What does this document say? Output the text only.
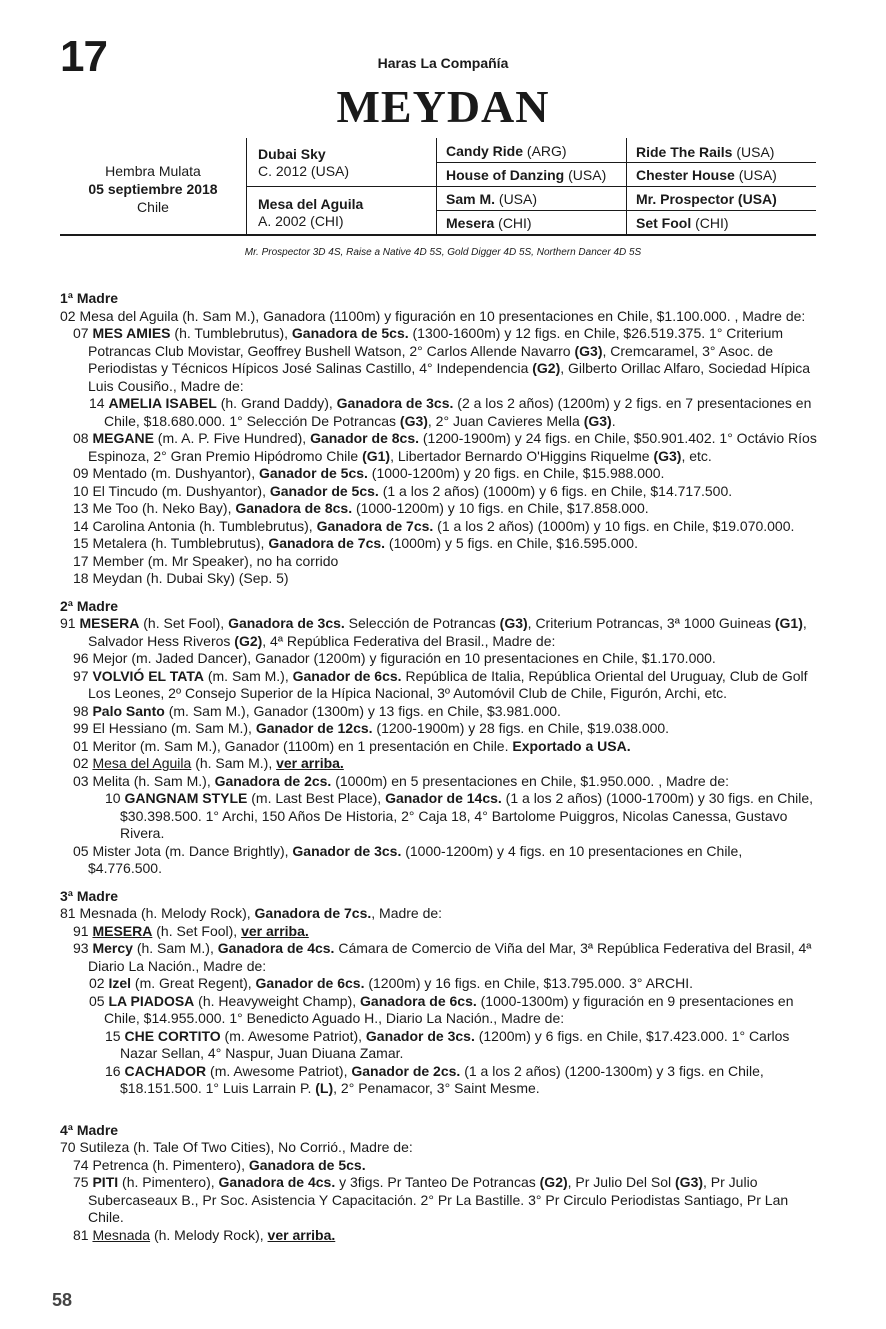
17	Haras La Compañía
MEYDAN
Hembra Mulata
05 septiembre 2018
Chile
Dubai Sky
C. 2012 (USA)
Mesa del Aguila
A. 2002 (CHI)
Candy Ride (ARG)
House of Danzing (USA)
Sam M. (USA)
Mesera (CHI)
Ride The Rails (USA)
Chester House (USA)
Mr. Prospector (USA)
Set Fool (CHI)
Mr. Prospector 3D 4S, Raise a Native 4D 5S, Gold Digger 4D 5S, Northern Dancer 4D 5S
1ª Madre
02 Mesa del Aguila (h. Sam M.), Ganadora (1100m) y figuración en 10 presentaciones en Chile, $1.100.000. , Madre de:
07 MES AMIES (h. Tumblebrutus), Ganadora de 5cs. (1300-1600m) y 12 figs. en Chile, $26.519.375. 1° Criterium Potrancas Club Movistar, Geoffrey Bushell Watson, 2° Carlos Allende Navarro (G3), Cremcaramel, 3° Asoc. de Periodistas y Técnicos Hípicos José Salinas Castillo, 4° Independencia (G2), Gilberto Orillac Alfaro, Sociedad Hípica Luis Cousiño., Madre de:
14 AMELIA ISABEL (h. Grand Daddy), Ganadora de 3cs. (2 a los 2 años) (1200m) y 2 figs. en 7 presentaciones en Chile, $18.680.000. 1° Selección De Potrancas (G3), 2° Juan Cavieres Mella (G3).
08 MEGANE (m. A. P. Five Hundred), Ganador de 8cs. (1200-1900m) y 24 figs. en Chile, $50.901.402. 1° Octávio Ríos Espinoza, 2° Gran Premio Hipódromo Chile (G1), Libertador Bernardo O'Higgins Riquelme (G3), etc.
09 Mentado (m. Dushyantor), Ganador de 5cs. (1000-1200m) y 20 figs. en Chile, $15.988.000.
10 El Tincudo (m. Dushyantor), Ganador de 5cs. (1 a los 2 años) (1000m) y 6 figs. en Chile, $14.717.500.
13 Me Too (h. Neko Bay), Ganadora de 8cs. (1000-1200m) y 10 figs. en Chile, $17.858.000.
14 Carolina Antonia (h. Tumblebrutus), Ganadora de 7cs. (1 a los 2 años) (1000m) y 10 figs. en Chile, $19.070.000.
15 Metalera (h. Tumblebrutus), Ganadora de 7cs. (1000m) y 5 figs. en Chile, $16.595.000.
17 Member (m. Mr Speaker), no ha corrido
18 Meydan (h. Dubai Sky) (Sep. 5)
2ª Madre
91 MESERA (h. Set Fool), Ganadora de 3cs. Selección de Potrancas (G3), Criterium Potrancas, 3ª 1000 Guineas (G1), Salvador Hess Riveros (G2), 4ª República Federativa del Brasil., Madre de:
96 Mejor (m. Jaded Dancer), Ganador (1200m) y figuración en 10 presentaciones en Chile, $1.170.000.
97 VOLVIÓ EL TATA (m. Sam M.), Ganador de 6cs. República de Italia, República Oriental del Uruguay, Club de Golf Los Leones, 2º Consejo Superior de la Hípica Nacional, 3º Automóvil Club de Chile, Figurón, Archi, etc.
98 Palo Santo (m. Sam M.), Ganador (1300m) y 13 figs. en Chile, $3.981.000.
99 El Hessiano (m. Sam M.), Ganador de 12cs. (1200-1900m) y 28 figs. en Chile, $19.038.000.
01 Meritor (m. Sam M.), Ganador (1100m) en 1 presentación en Chile. Exportado a USA.
02 Mesa del Aguila (h. Sam M.), ver arriba.
03 Melita (h. Sam M.), Ganadora de 2cs. (1000m) en 5 presentaciones en Chile, $1.950.000. , Madre de:
10 GANGNAM STYLE (m. Last Best Place), Ganador de 14cs. (1 a los 2 años) (1000-1700m) y 30 figs. en Chile, $30.398.500. 1° Archi, 150 Años De Historia, 2° Caja 18, 4° Bartolome Puiggros, Nicolas Canessa, Gustavo Rivera.
05 Mister Jota (m. Dance Brightly), Ganador de 3cs. (1000-1200m) y 4 figs. en 10 presentaciones en Chile, $4.776.500.
3ª Madre
81 Mesnada (h. Melody Rock), Ganadora de 7cs., Madre de:
91 MESERA (h. Set Fool), ver arriba.
93 Mercy (h. Sam M.), Ganadora de 4cs. Cámara de Comercio de Viña del Mar, 3ª República Federativa del Brasil, 4ª Diario La Nación., Madre de:
02 Izel (m. Great Regent), Ganador de 6cs. (1200m) y 16 figs. en Chile, $13.795.000. 3° ARCHI.
05 LA PIADOSA (h. Heavyweight Champ), Ganadora de 6cs. (1000-1300m) y figuración en 9 presentaciones en Chile, $14.955.000. 1° Benedicto Aguado H., Diario La Nación., Madre de:
15 CHE CORTITO (m. Awesome Patriot), Ganador de 3cs. (1200m) y 6 figs. en Chile, $17.423.000. 1° Carlos Nazar Sellan, 4° Naspur, Juan Diuana Zamar.
16 CACHADOR (m. Awesome Patriot), Ganador de 2cs. (1 a los 2 años) (1200-1300m) y 3 figs. en Chile, $18.151.500. 1° Luis Larrain P. (L), 2° Penamacor, 3° Saint Mesme.
4ª Madre
70 Sutileza (h. Tale Of Two Cities), No Corrió., Madre de:
74 Petrenca (h. Pimentero), Ganadora de 5cs.
75 PITI (h. Pimentero), Ganadora de 4cs. y 3figs. Pr Tanteo De Potrancas (G2), Pr Julio Del Sol (G3), Pr Julio Subercaseaux B., Pr Soc. Asistencia Y Capacitación. 2° Pr La Bastille. 3° Pr Circulo Periodistas Santiago, Pr Lan Chile.
81 Mesnada (h. Melody Rock), ver arriba.
58
